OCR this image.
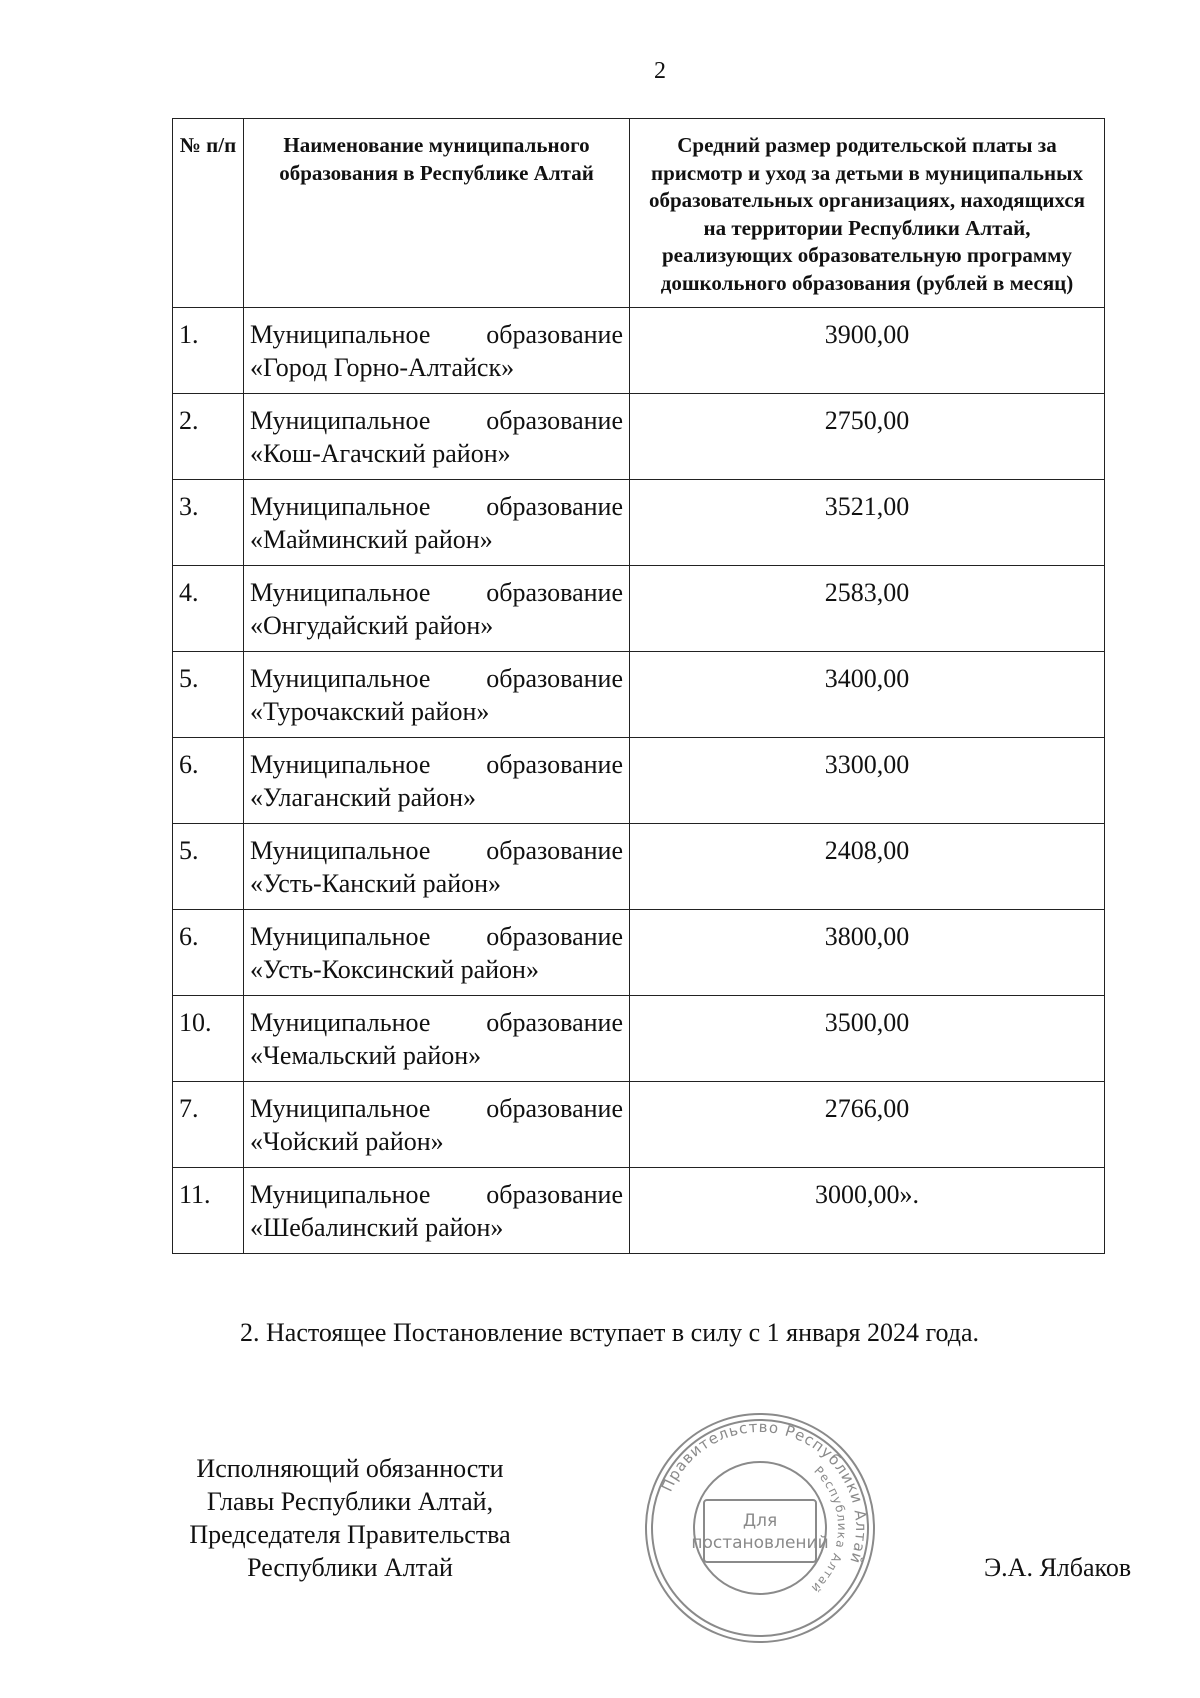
2
№ п/п	Наименование муниципального образования в Республике Алтай	Средний размер родительской платы за присмотр и уход за детьми в муниципальных образовательных организациях, находящихся на территории Республики Алтай, реализующих образовательную программу дошкольного образования (рублей в месяц)
1.	Муниципальное образование «Город Горно-Алтайск»	3900,00
2.	Муниципальное образование «Кош-Агачский район»	2750,00
3.	Муниципальное образование «Майминский район»	3521,00
4.	Муниципальное образование «Онгудайский район»	2583,00
5.	Муниципальное образование «Турочакский район»	3400,00
6.	Муниципальное образование «Улаганский район»	3300,00
5.	Муниципальное образование «Усть-Канский район»	2408,00
6.	Муниципальное образование «Усть-Коксинский район»	3800,00
10.	Муниципальное образование «Чемальский район»	3500,00
7.	Муниципальное образование «Чойский район»	2766,00
11.	Муниципальное образование «Шебалинский район»	3000,00».
2. Настоящее Постановление вступает в силу с 1 января 2024 года.
Исполняющий обязанности
Главы Республики Алтай,
Председателя Правительства
Республики Алтай
Правительство Республики Алтай
Республика Алтай
Для
постановлений
Э.А. Ялбаков
